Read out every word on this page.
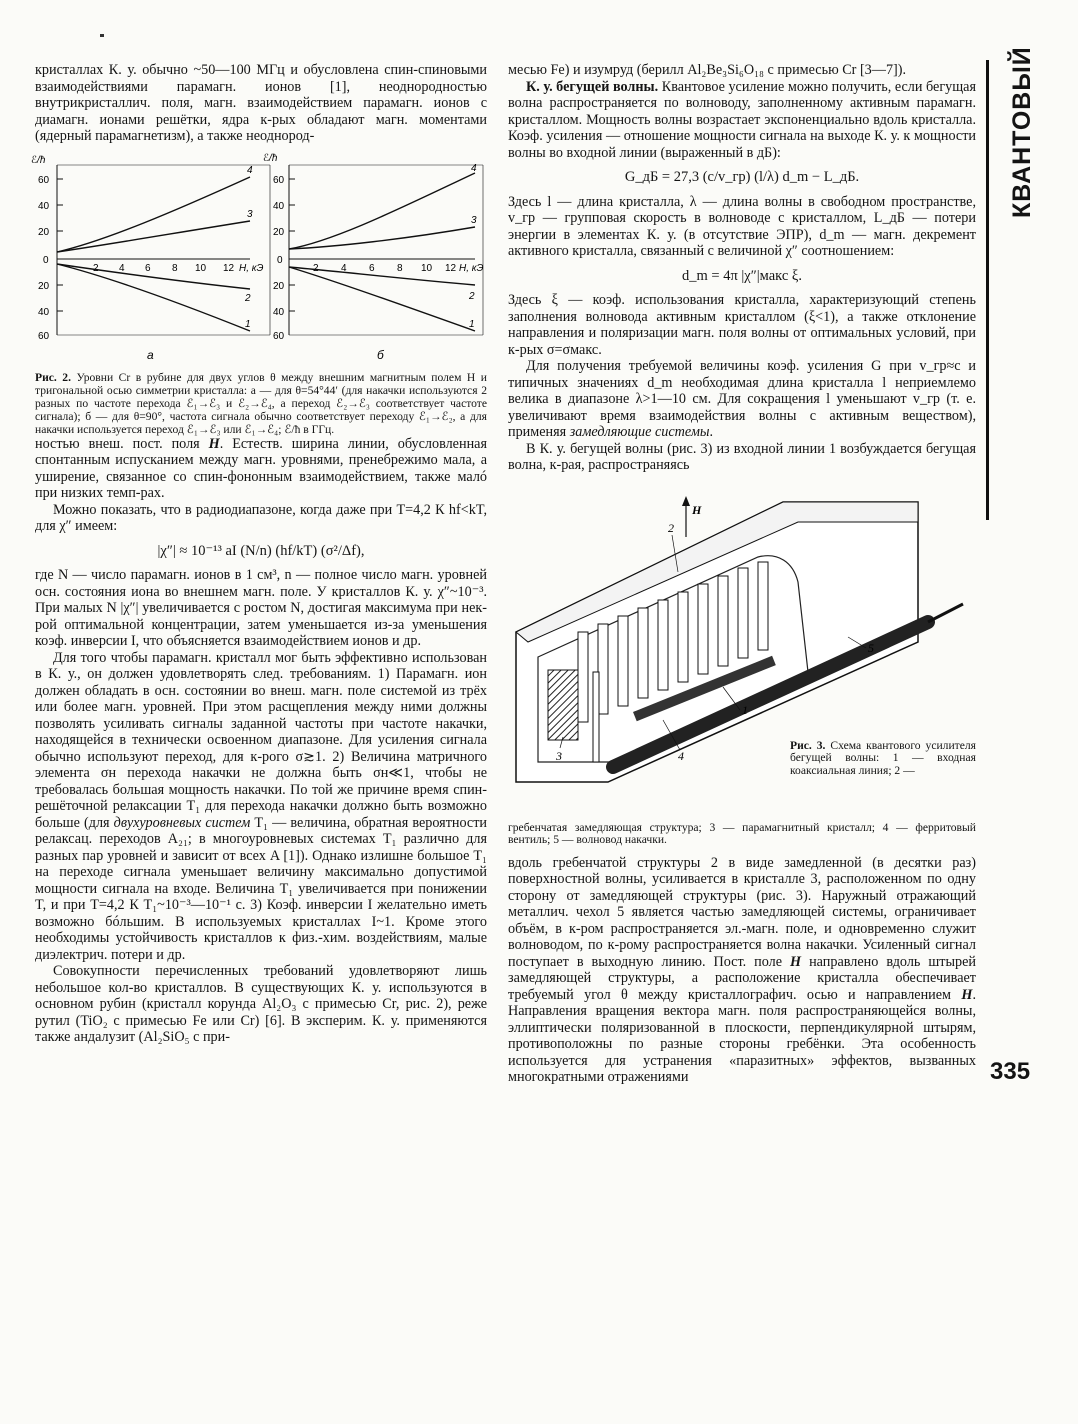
КВАНТОВЫЙ

кристаллах К. у. обычно ~50—100 МГц и обусловлена спин-спиновыми взаимодействиями парамагн. ионов [1], неоднородностью внутрикристаллич. поля, магн. взаимодействием парамагн. ионов с диамагн. ионами решётки, ядра к-рых обладают магн. моментами (ядерный парамагнетизм), а также неоднород-

ℰ/ħ
60
40
20
0
20
40
60
2 4 6 8 10 12 H, кЭ
4
3
2
1
а
ℰ/ħ
60
40
20
0
20
40
60
2 4 6 8 10 12 H, кЭ
4
3
2
1
б

Рис. 2. Уровни Cr в рубине для двух углов θ между внешним магнитным полем H и тригональной осью симметрии кристалла: а — для θ=54°44′ (для накачки используются 2 разных по частоте перехода ℰ₁→ℰ₃ и ℰ₂→ℰ₄, а переход ℰ₂→ℰ₃ соответствует частоте сигнала); б — для θ=90°, частота сигнала обычно соответствует переходу ℰ₁→ℰ₂, а для накачки используется переход ℰ₁→ℰ₃ или ℰ₁→ℰ₄; ℰ/ħ в ГГц.

ностью внеш. пост. поля H. Естеств. ширина линии, обусловленная спонтанным испусканием между магн. уровнями, пренебрежимо мала, а уширение, связанное со спин-фононным взаимодействием, также малó при низких темп-рах.

Можно показать, что в радиодиапазоне, когда даже при T=4,2 К hf<kT, для χ″ имеем:

|χ″| ≈ 10⁻¹³ aI (N/n) (hf/kT) (σ²/Δf),

где N — число парамагн. ионов в 1 см³, n — полное число магн. уровней осн. состояния иона во внешнем магн. поле. У кристаллов К. у. χ″~10⁻³. При малых N |χ″| увеличивается с ростом N, достигая максимума при нек-рой оптимальной концентрации, затем уменьшается из-за уменьшения коэф. инверсии I, что объясняется взаимодействием ионов и др.

Для того чтобы парамагн. кристалл мог быть эффективно использован в К. у., он должен удовлетворять след. требованиям. 1) Парамагн. ион должен обладать в осн. состоянии во внеш. магн. поле системой из трёх или более магн. уровней. При этом расщепления между ними должны позволять усиливать сигналы заданной частоты при частоте накачки, находящейся в технически освоенном диапазоне. Для усиления сигнала обычно используют переход, для к-рого σ≳1. 2) Величина матричного элемента σн перехода накачки не должна быть σн≪1, чтобы не требовалась большая мощность накачки. По той же причине время спин-решёточной релаксации T₁ для перехода накачки должно быть возможно больше (для двухуровневых систем T₁ — величина, обратная вероятности релаксац. переходов A₂₁; в многоуровневых системах T₁ различно для разных пар уровней и зависит от всех A [1]). Однако излишне большое T₁ на переходе сигнала уменьшает величину максимально допустимой мощности сигнала на входе. Величина T₁ увеличивается при понижении T, и при T=4,2 К T₁~10⁻³—10⁻¹ с. 3) Коэф. инверсии I желательно иметь возможно бóльшим. В используемых кристаллах I~1. Кроме этого необходимы устойчивость кристаллов к физ.-хим. воздействиям, малые диэлектрич. потери и др.

Совокупности перечисленных требований удовлетворяют лишь небольшое кол-во кристаллов. В существующих К. у. используются в основном рубин (кристалл корунда Al₂O₃ с примесью Cr, рис. 2), реже рутил (TiO₂ с примесью Fe или Cr) [6]. В эксперим. К. у. применяются также андалузит (Al₂SiO₅ с при-

месью Fe) и изумруд (берилл Al₂Be₃Si₆O₁₈ с примесью Cr [3—7]).

К. у. бегущей волны. Квантовое усиление можно получить, если бегущая волна распространяется по волноводу, заполненному активным парамагн. кристаллом. Мощность волны возрастает экспоненциально вдоль кристалла. Коэф. усиления — отношение мощности сигнала на выходе К. у. к мощности волны во входной линии (выраженный в дБ):

G_дБ = 27,3 (c/v_гр) (l/λ) d_m − L_дБ.

Здесь l — длина кристалла, λ — длина волны в свободном пространстве, v_гр — групповая скорость в волноводе с кристаллом, L_дБ — потери энергии в элементах К. у. (в отсутствие ЭПР), d_m — магн. декремент активного кристалла, связанный с величиной χ″ соотношением:

d_m = 4π |χ″|макс ξ.

Здесь ξ — коэф. использования кристалла, характеризующий степень заполнения волновода активным кристаллом (ξ<1), а также отклонение направления и поляризации магн. поля волны от оптимальных условий, при к-рых σ=σмакс.

Для получения требуемой величины коэф. усиления G при v_гр≈c и типичных значениях d_m необходимая длина кристалла l неприемлемо велика в диапазоне λ>1—10 см. Для сокращения l уменьшают v_гр (т. е. увеличивают время взаимодействия волны с активным веществом), применяя замедляющие системы.

В К. у. бегущей волны (рис. 3) из входной линии 1 возбуждается бегущая волна, к-рая, распространяясь

H
1
2
3	4
5
Рис. 3. Схема квантового усилителя бегущей волны: 1 — входная коаксиальная линия; 2 —

гребенчатая замедляющая структура; 3 — парамагнитный кристалл; 4 — ферритовый вентиль; 5 — волновод накачки.

вдоль гребенчатой структуры 2 в виде замедленной (в десятки раз) поверхностной волны, усиливается в кристалле 3, расположенном по одну сторону от замедляющей структуры (рис. 3). Наружный отражающий металлич. чехол 5 является частью замедляющей системы, ограничивает объём, в к-ром распространяется эл.-магн. поле, и одновременно служит волноводом, по к-рому распространяется волна накачки. Усиленный сигнал поступает в выходную линию. Пост. поле H направлено вдоль штырей замедляющей структуры, а расположение кристалла обеспечивает требуемый угол θ между кристаллографич. осью и направлением H. Направления вращения вектора магн. поля распространяющейся волны, эллиптически поляризованной в плоскости, перпендикулярной штырям, противоположны по разные стороны гребёнки. Эта особенность используется для устранения «паразитных» эффектов, вызванных многократными отражениями	335
